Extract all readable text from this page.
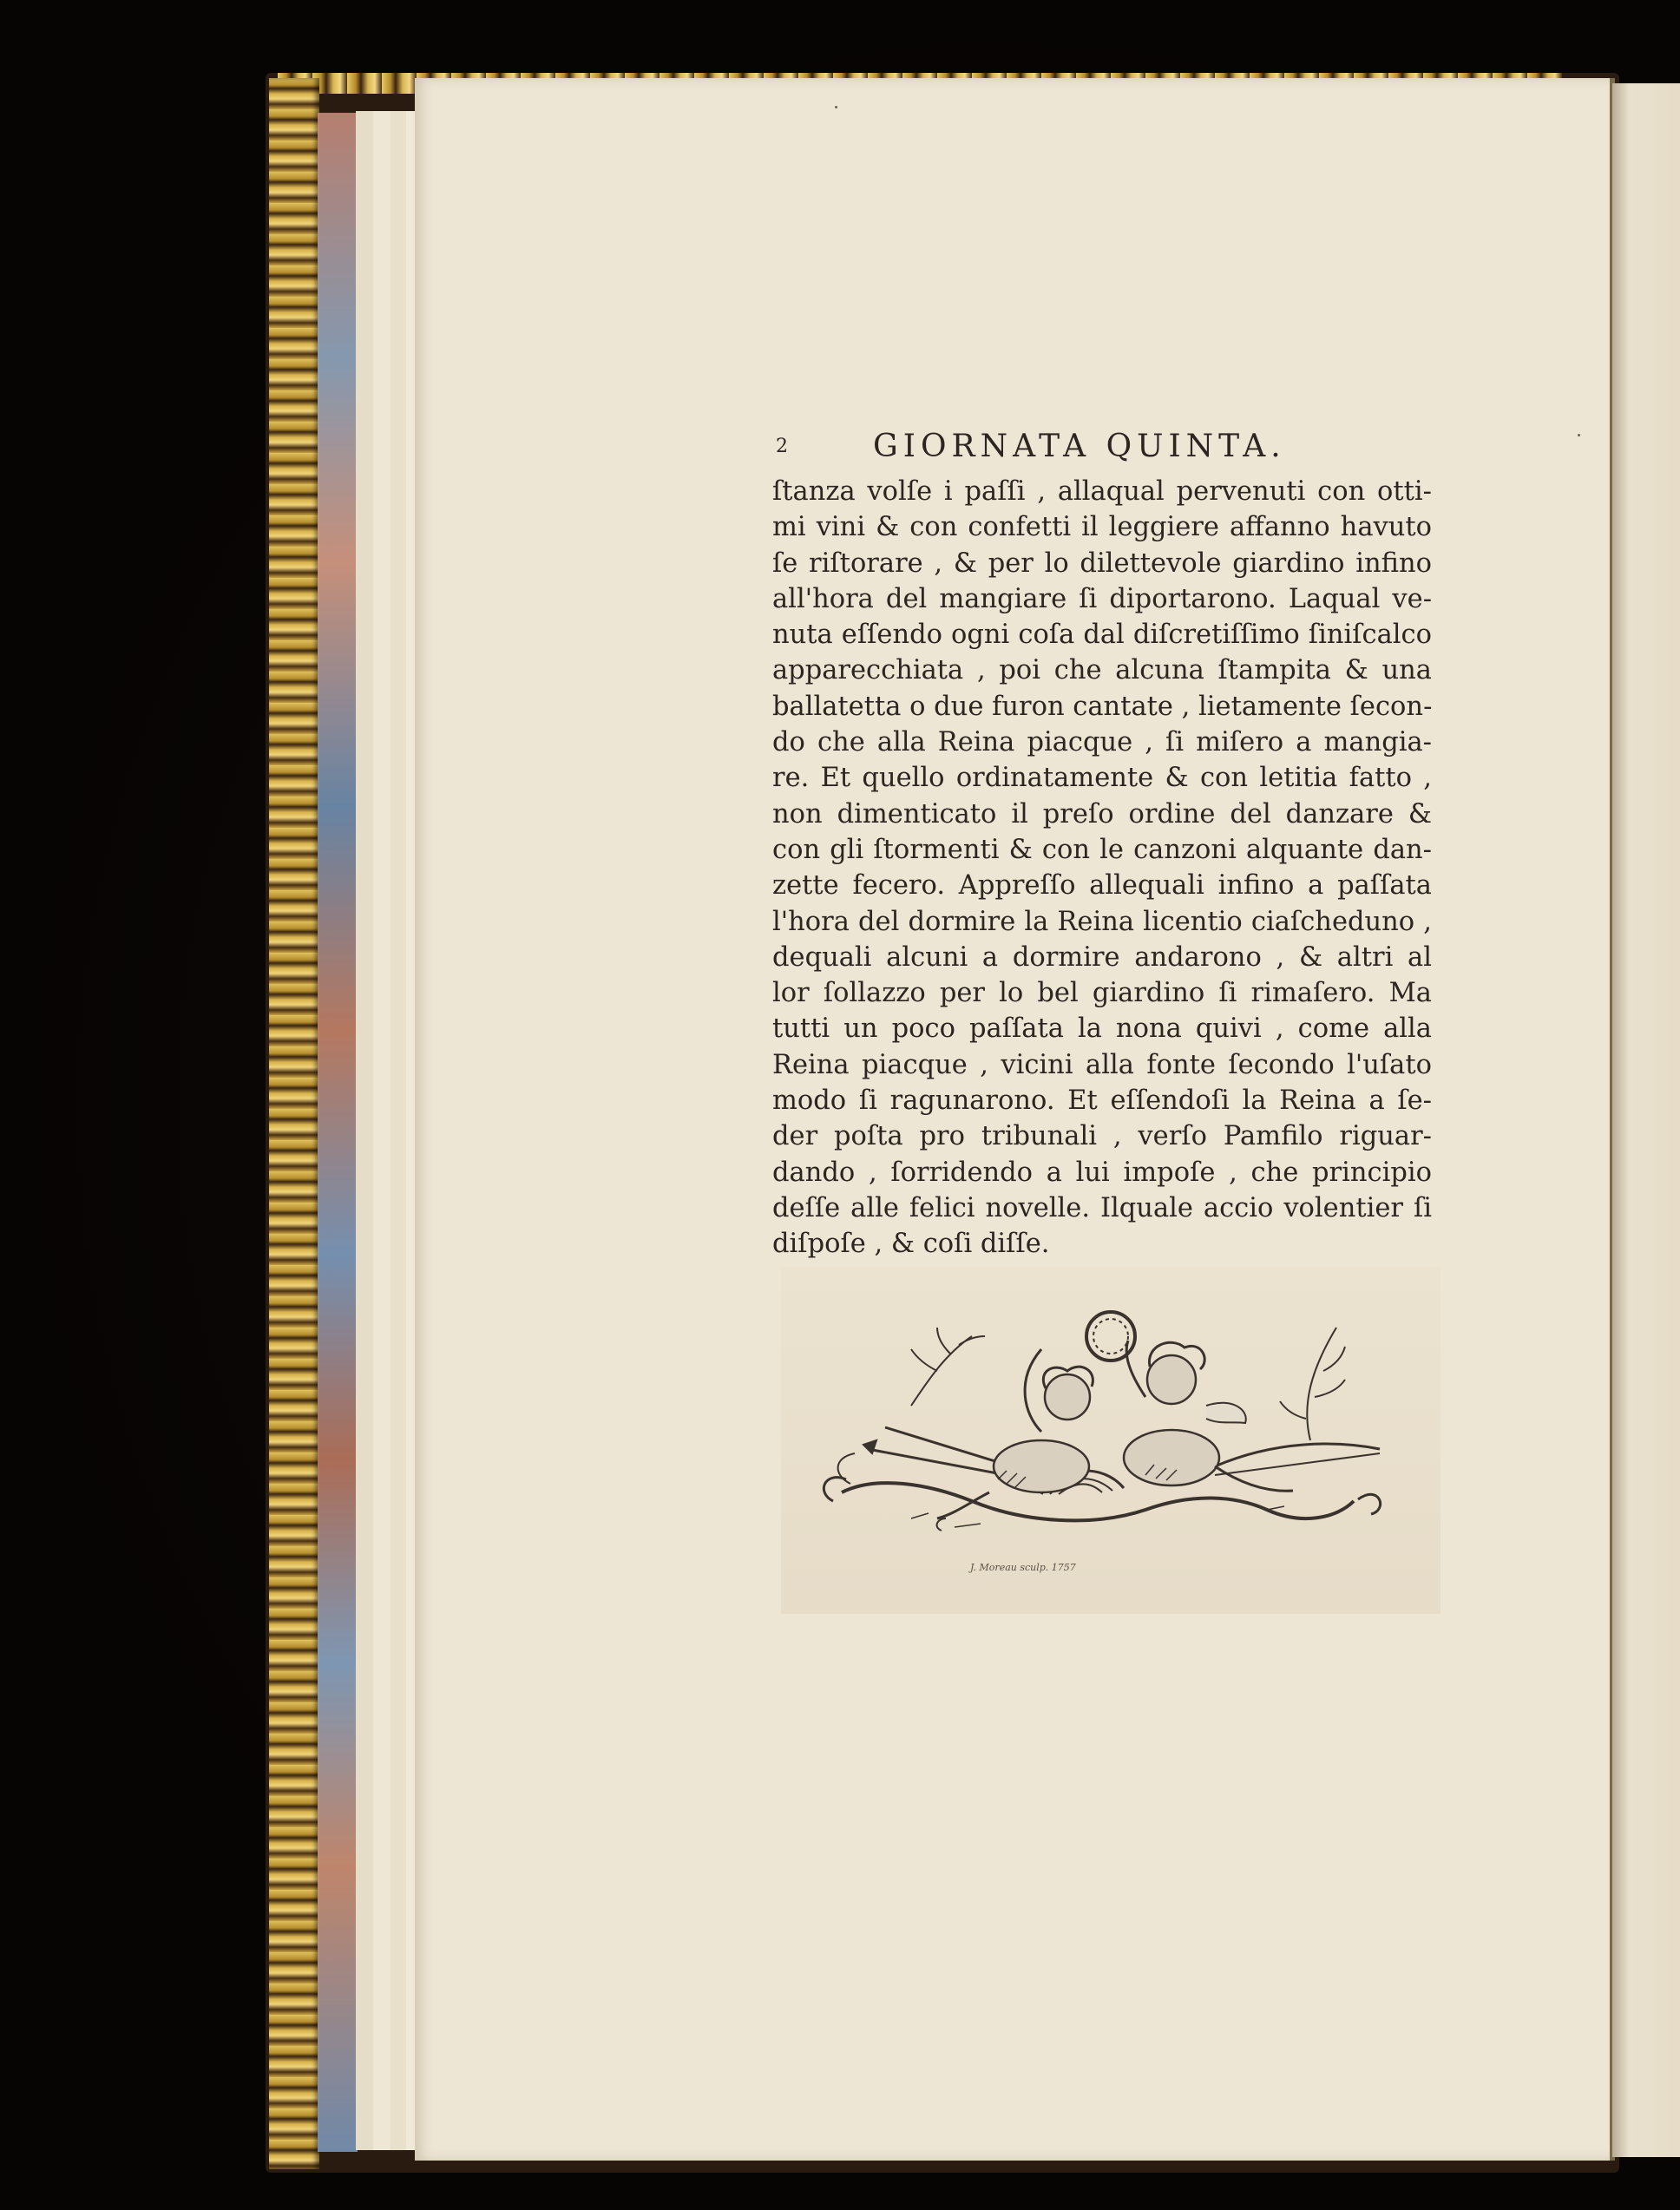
2	GIORNATA QUINTA.
ſtanza volſe i paſſi , allaqual pervenuti con otti-
mi vini & con confetti il leggiere affanno havuto
ſe riſtorare , & per lo dilettevole giardino infino
all'hora del mangiare ſi diportarono. Laqual ve-
nuta eſſendo ogni coſa dal diſcretiſſimo ſiniſcalco
apparecchiata , poi che alcuna ſtampita & una
ballatetta o due furon cantate , lietamente ſecon-
do che alla Reina piacque , ſi miſero a mangia-
re. Et quello ordinatamente & con letitia fatto ,
non dimenticato il preſo ordine del danzare &
con gli ſtormenti & con le canzoni alquante dan-
zette fecero. Appreſſo allequali infino a paſſata
l'hora del dormire la Reina licentio ciaſcheduno ,
dequali alcuni a dormire andarono , & altri al
lor ſollazzo per lo bel giardino ſi rimaſero. Ma
tutti un poco paſſata la nona quivi , come alla
Reina piacque , vicini alla fonte ſecondo l'uſato
modo ſi ragunarono. Et eſſendoſi la Reina a ſe-
der poſta pro tribunali , verſo Pamfilo riguar-
dando , ſorridendo a lui impoſe , che principio
deſſe alle felici novelle. Ilquale accio volentier ſi
diſpoſe , & coſi diſſe.
J. Moreau sculp. 1757
